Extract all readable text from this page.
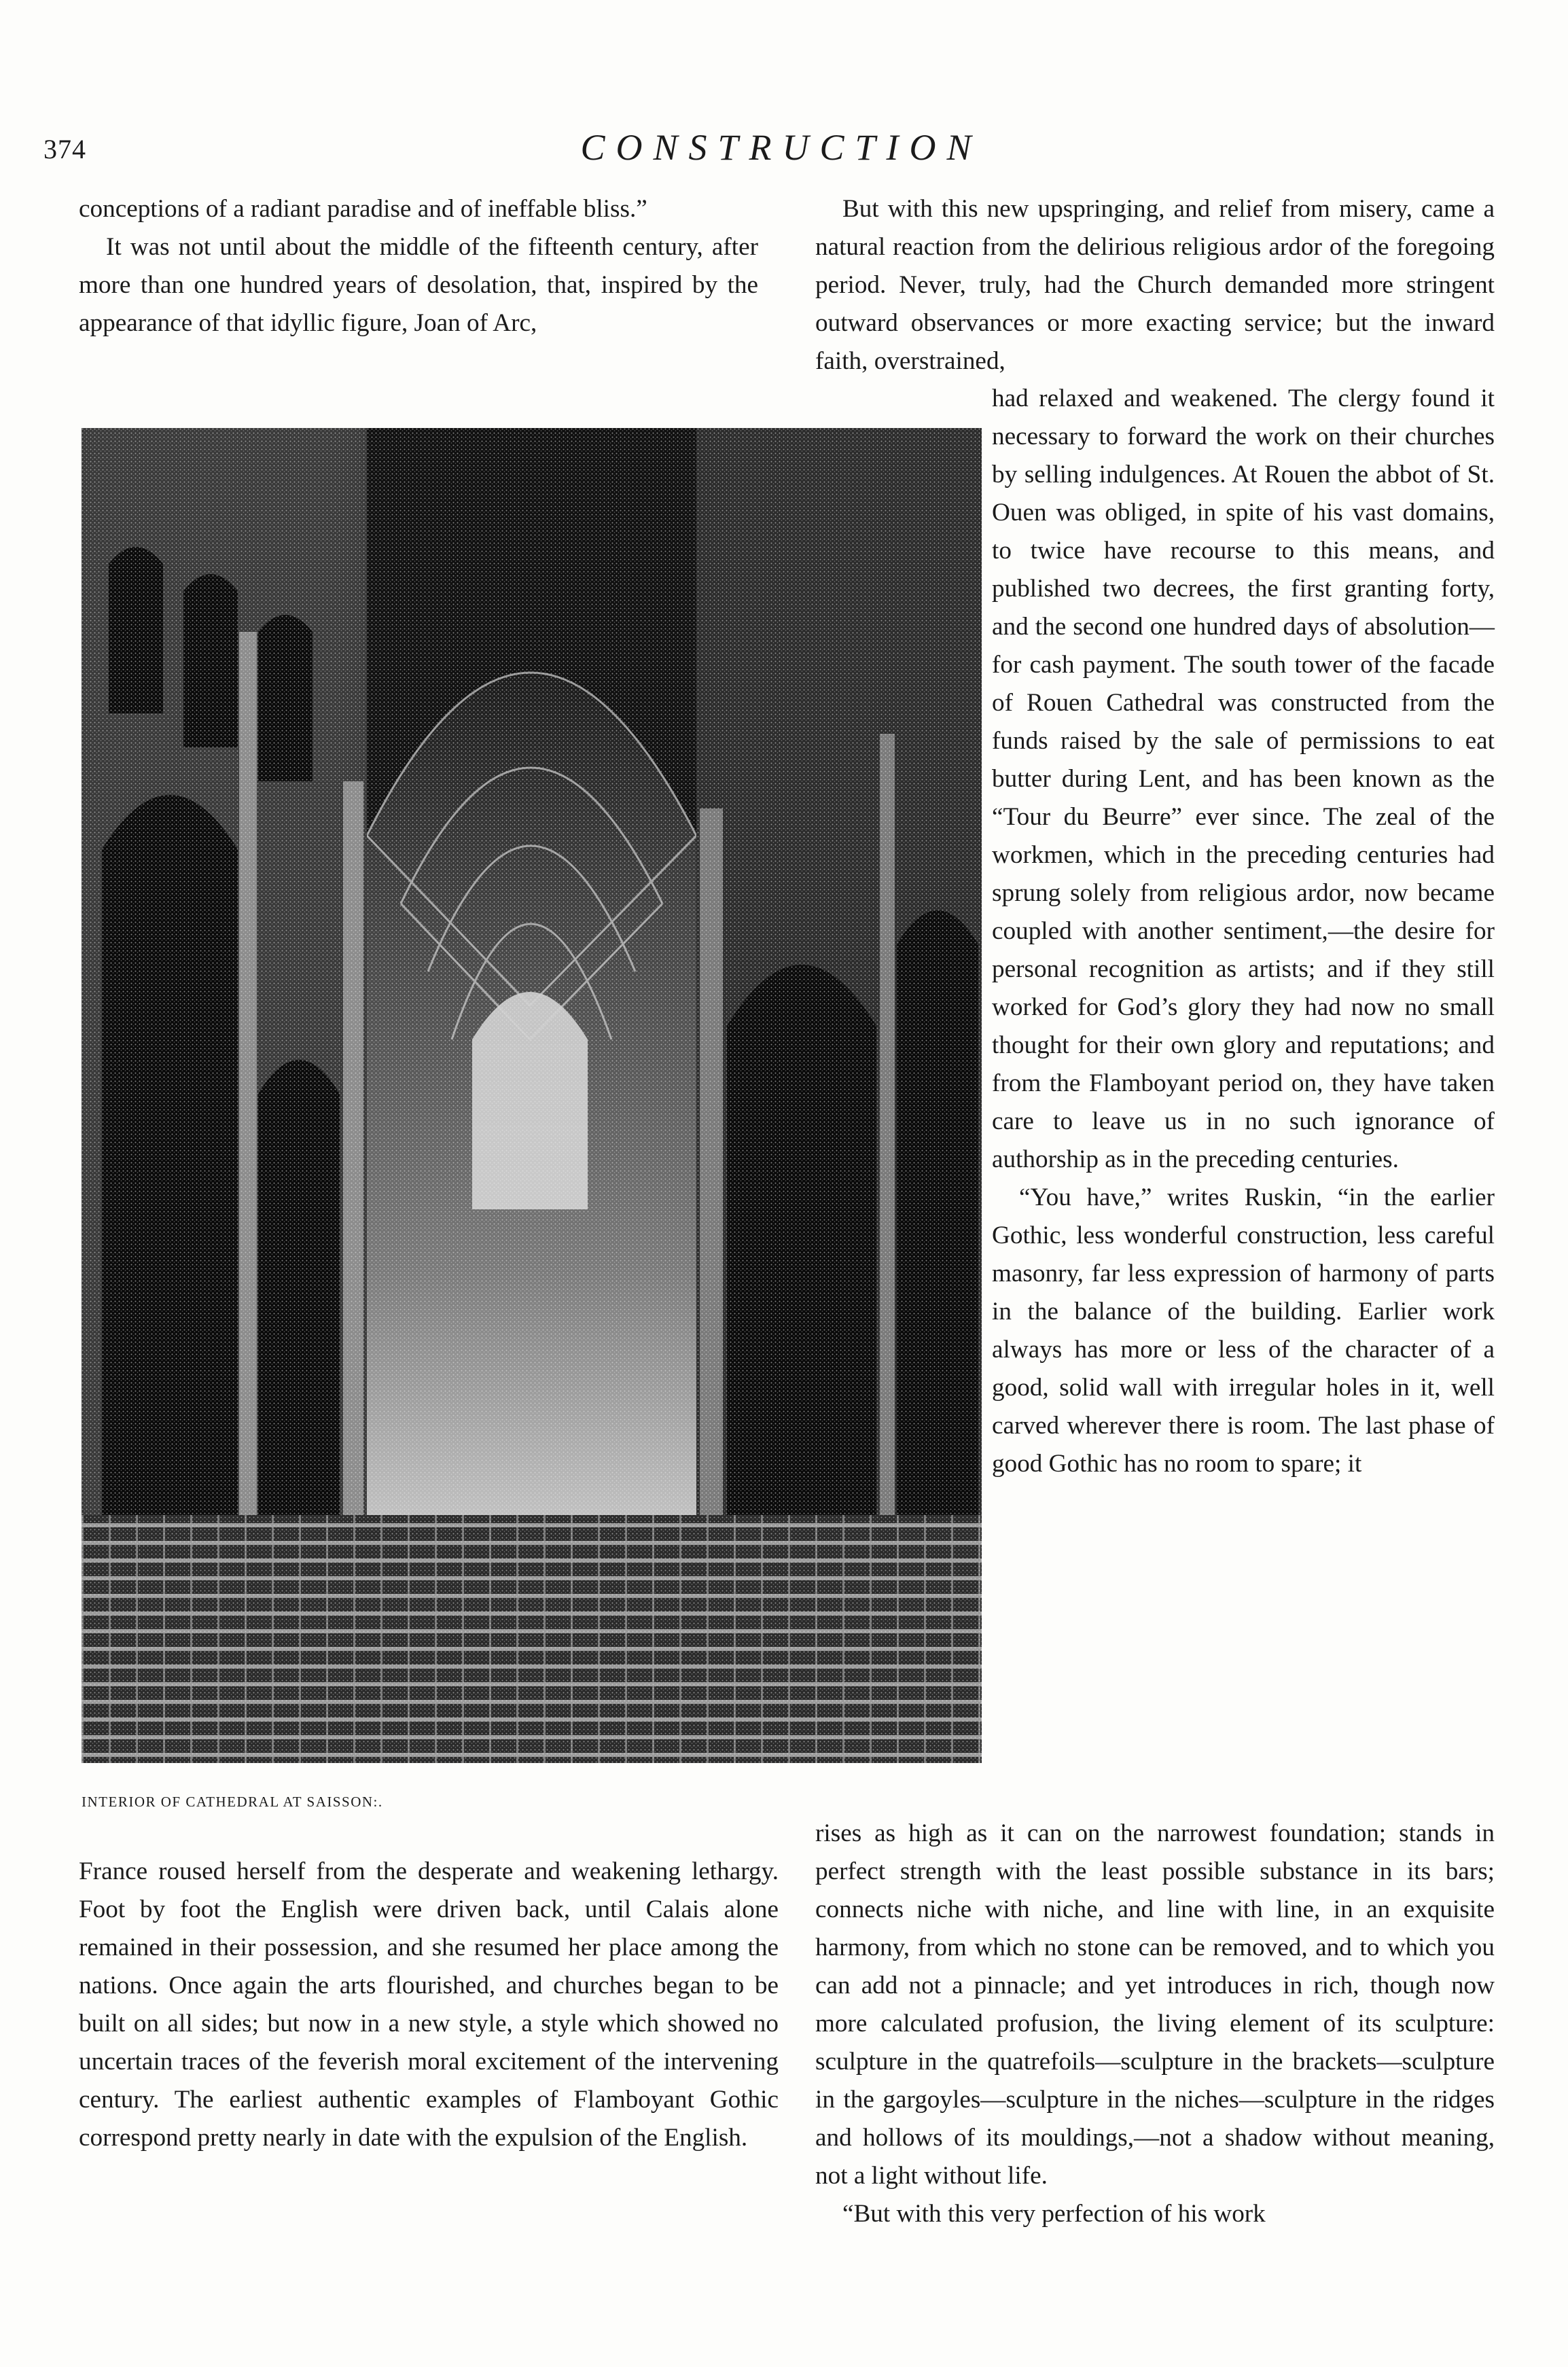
374	CONSTRUCTION

conceptions of a radiant paradise and of ineffable bliss.”

It was not until about the middle of the fifteenth century, after more than one hundred years of desolation, that, inspired by the appearance of that idyllic figure, Joan of Arc,

But with this new upspringing, and relief from misery, came a natural reaction from the delirious religious ardor of the foregoing period. Never, truly, had the Church demanded more stringent outward observances or more exacting service; but the inward faith, overstrained,

had relaxed and weakened. The clergy found it necessary to forward the work on their churches by selling indulgences. At Rouen the abbot of St. Ouen was obliged, in spite of his vast domains, to twice have recourse to this means, and published two decrees, the first granting forty, and the second one hundred days of absolution—for cash payment. The south tower of the facade of Rouen Cathedral was constructed from the funds raised by the sale of permissions to eat butter during Lent, and has been known as the “Tour du Beurre” ever since. The zeal of the workmen, which in the preceding centuries had sprung solely from religious ardor, now became coupled with another sentiment,—the desire for personal recognition as artists; and if they still worked for God’s glory they had now no small thought for their own glory and reputations; and from the Flamboyant period on, they have taken care to leave us in no such ignorance of authorship as in the preceding centuries.

“You have,” writes Ruskin, “in the earlier Gothic, less wonderful construction, less careful masonry, far less expression of harmony of parts in the balance of the building. Earlier work always has more or less of the character of a good, solid wall with irregular holes in it, well carved wherever there is room. The last phase of good Gothic has no room to spare; it

INTERIOR OF CATHEDRAL AT SAISSON:.

France roused herself from the desperate and weakening lethargy. Foot by foot the English were driven back, until Calais alone remained in their possession, and she resumed her place among the nations. Once again the arts flourished, and churches began to be built on all sides; but now in a new style, a style which showed no uncertain traces of the feverish moral excitement of the intervening century. The earliest authentic examples of Flamboyant Gothic correspond pretty nearly in date with the expulsion of the English.

rises as high as it can on the narrowest foundation; stands in perfect strength with the least possible substance in its bars; connects niche with niche, and line with line, in an exquisite harmony, from which no stone can be removed, and to which you can add not a pinnacle; and yet introduces in rich, though now more calculated profusion, the living element of its sculpture: sculpture in the quatrefoils—sculpture in the brackets—sculpture in the gargoyles—sculpture in the niches—sculpture in the ridges and hollows of its mouldings,—not a shadow without meaning, not a light without life.

“But with this very perfection of his work
